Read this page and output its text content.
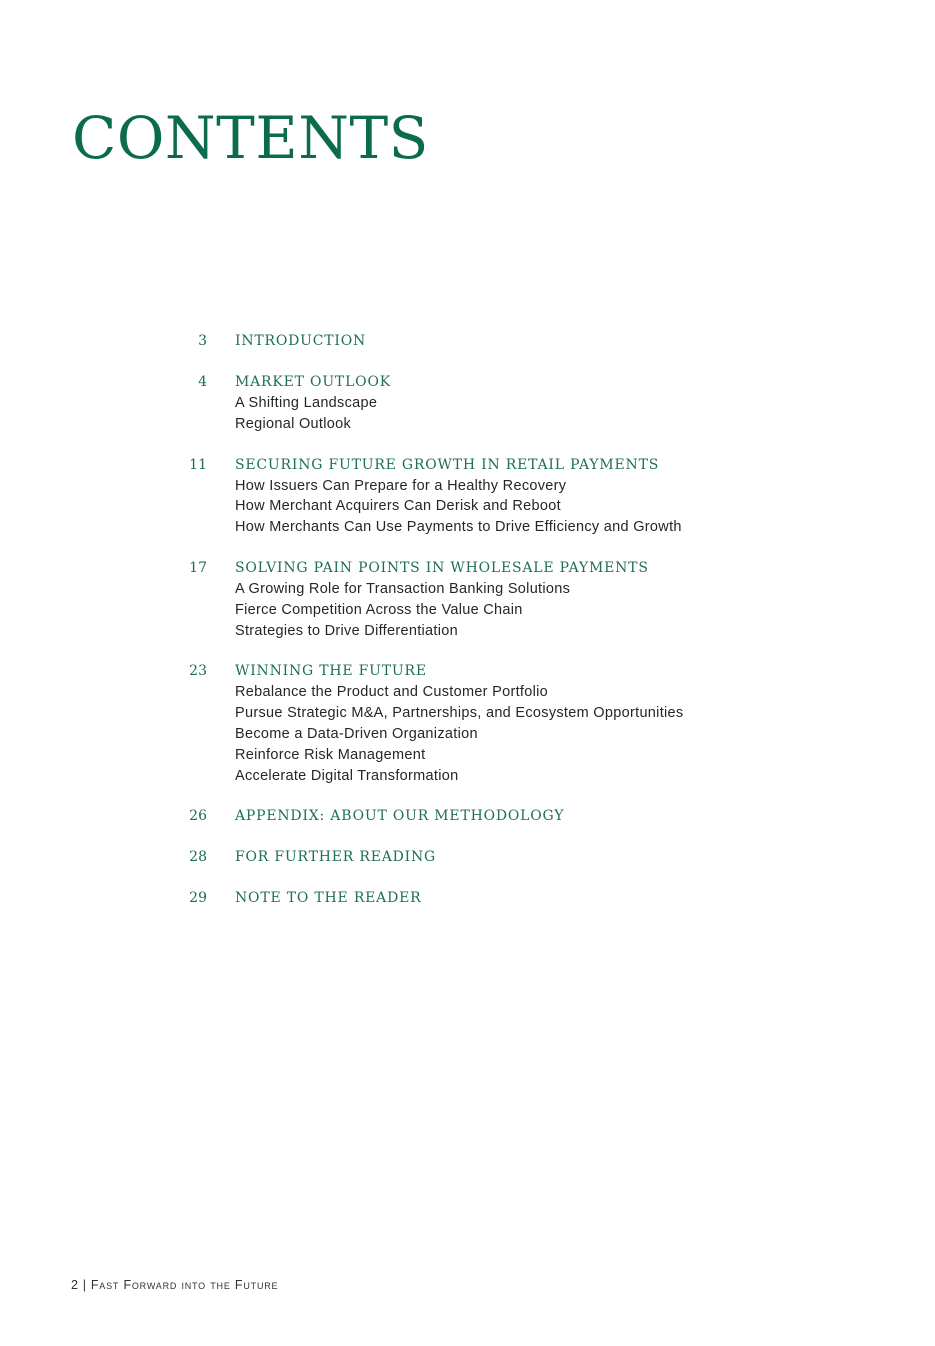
CONTENTS
3 INTRODUCTION
4 MARKET OUTLOOK
A Shifting Landscape
Regional Outlook
11 SECURING FUTURE GROWTH IN RETAIL PAYMENTS
How Issuers Can Prepare for a Healthy Recovery
How Merchant Acquirers Can Derisk and Reboot
How Merchants Can Use Payments to Drive Efficiency and Growth
17 SOLVING PAIN POINTS IN WHOLESALE PAYMENTS
A Growing Role for Transaction Banking Solutions
Fierce Competition Across the Value Chain
Strategies to Drive Differentiation
23 WINNING THE FUTURE
Rebalance the Product and Customer Portfolio
Pursue Strategic M&A, Partnerships, and Ecosystem Opportunities
Become a Data-Driven Organization
Reinforce Risk Management
Accelerate Digital Transformation
26 APPENDIX: ABOUT OUR METHODOLOGY
28 FOR FURTHER READING
29 NOTE TO THE READER
2 | Fast Forward into the Future
